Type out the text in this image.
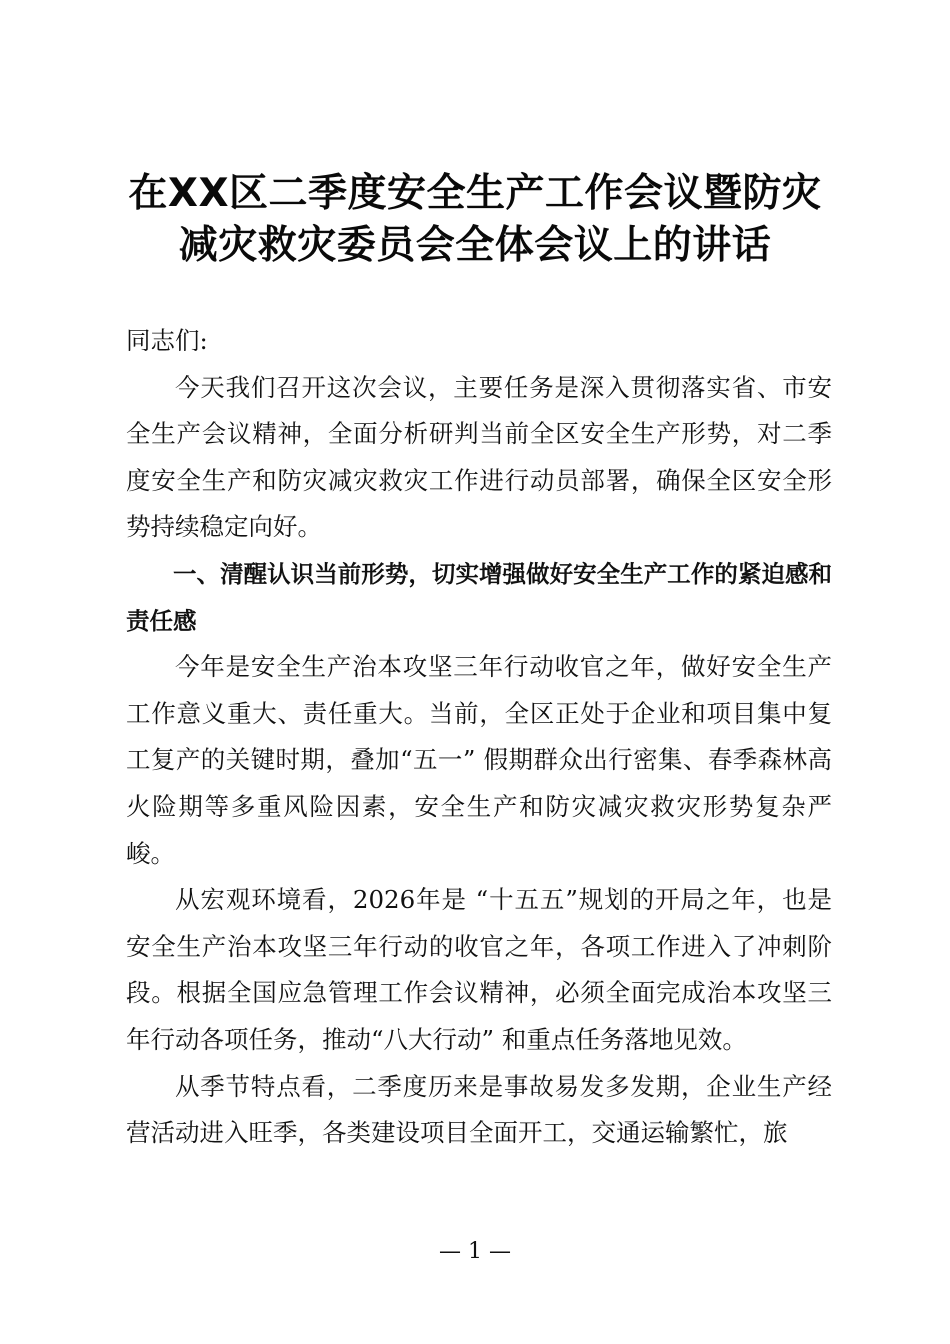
在XX区二季度安全生产工作会议暨防灾减灾救灾委员会全体会议上的讲话

同志们:

今天我们召开这次会议，主要任务是深入贯彻落实省、市安全生产会议精神，全面分析研判当前全区安全生产形势，对二季度安全生产和防灾减灾救灾工作进行动员部署，确保全区安全形势持续稳定向好。

一、清醒认识当前形势，切实增强做好安全生产工作的紧迫感和责任感

今年是安全生产治本攻坚三年行动收官之年，做好安全生产工作意义重大、责任重大。当前，全区正处于企业和项目集中复工复产的关键时期，叠加“五一” 假期群众出行密集、春季森林高火险期等多重风险因素，安全生产和防灾减灾救灾形势复杂严峻。

从宏观环境看，2026年是 “十五五”规划的开局之年，也是安全生产治本攻坚三年行动的收官之年，各项工作进入了冲刺阶段。根据全国应急管理工作会议精神，必须全面完成治本攻坚三年行动各项任务，推动“八大行动” 和重点任务落地见效。

从季节特点看，二季度历来是事故易发多发期，企业生产经营活动进入旺季，各类建设项目全面开工，交通运输繁忙，旅

— 1 —
